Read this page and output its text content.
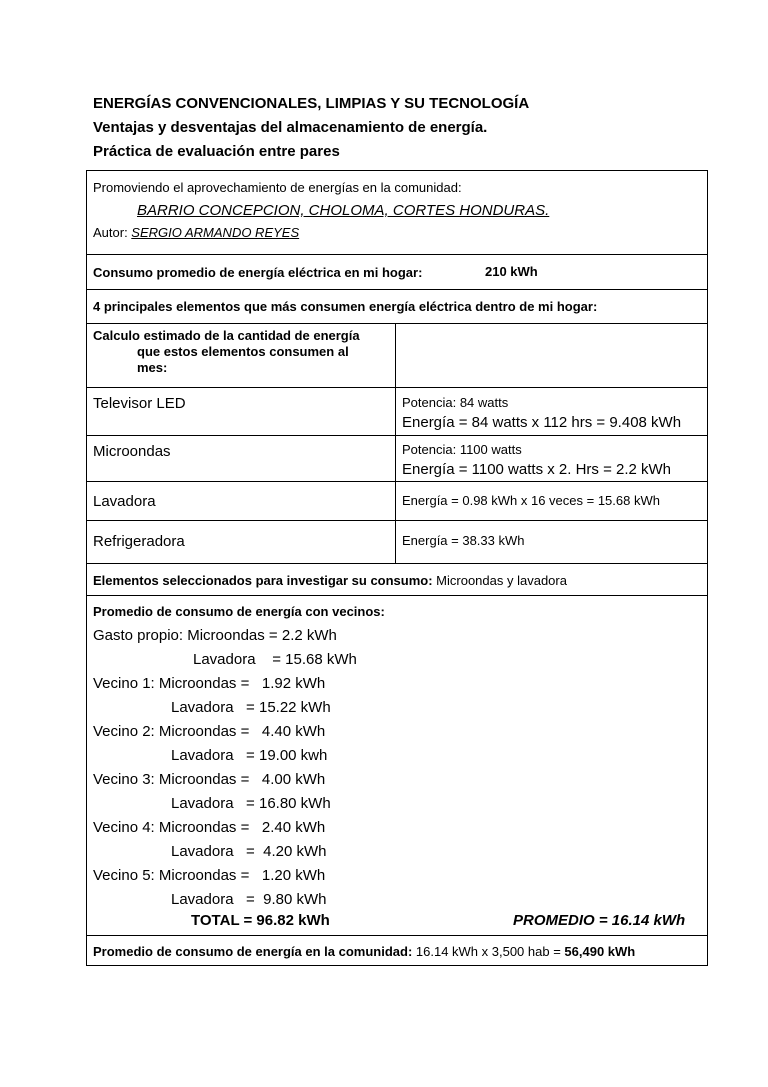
ENERGÍAS CONVENCIONALES, LIMPIAS Y SU TECNOLOGÍA
Ventajas y desventajas del almacenamiento de energía.
Práctica de evaluación entre pares
Promoviendo el aprovechamiento de energías en la comunidad:
BARRIO CONCEPCION, CHOLOMA, CORTES HONDURAS.
Autor: SERGIO ARMANDO REYES
Consumo promedio de energía eléctrica en mi hogar:	210 kWh
4 principales elementos que más consumen energía eléctrica dentro de mi hogar:
Calculo estimado de la cantidad de energía
que estos elementos consumen al
mes:
Televisor LED	Potencia: 84 watts
Energía = 84 watts x 112 hrs = 9.408 kWh
Microondas	Potencia: 1100 watts
Energía = 1100 watts x 2. Hrs = 2.2 kWh
Lavadora	Energía = 0.98 kWh x 16 veces = 15.68 kWh
Refrigeradora	Energía = 38.33 kWh
Elementos seleccionados para investigar su consumo: Microondas y lavadora
Promedio de consumo de energía con vecinos:
Gasto propio: Microondas = 2.2 kWh
Lavadora    = 15.68 kWh
Vecino 1: Microondas =   1.92 kWh
Lavadora   = 15.22 kWh
Vecino 2: Microondas =   4.40 kWh
Lavadora   = 19.00 kwh
Vecino 3: Microondas =   4.00 kWh
Lavadora   = 16.80 kWh
Vecino 4: Microondas =   2.40 kWh
Lavadora   =  4.20 kWh
Vecino 5: Microondas =   1.20 kWh
Lavadora   =  9.80 kWh
TOTAL = 96.82 kWh	PROMEDIO = 16.14 kWh
Promedio de consumo de energía en la comunidad: 16.14 kWh x 3,500 hab = 56,490 kWh
